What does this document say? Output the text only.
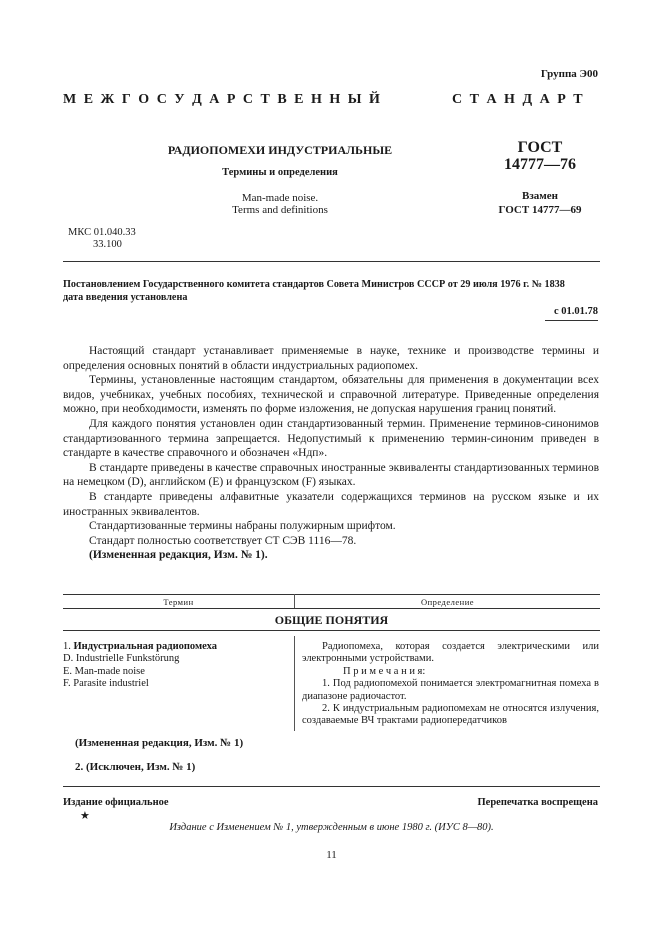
Группа Э00
М Е Ж Г О С У Д А Р С Т В Е Н Н Ы Й	С Т А Н Д А Р Т
РАДИОПОМЕХИ ИНДУСТРИАЛЬНЫЕ
Термины и определения
Man-made noise.
Terms and definitions
ГОСТ
14777—76
Взамен
ГОСТ 14777—69
МКС 01.040.33
33.100
Постановлением Государственного комитета стандартов Совета Министров СССР от 29 июля 1976 г. № 1838
дата введения установлена
с 01.01.78

Настоящий стандарт устанавливает применяемые в науке, технике и производстве термины и определения основных понятий в области индустриальных радиопомех.

Термины, установленные настоящим стандартом, обязательны для применения в документации всех видов, учебниках, учебных пособиях, технической и справочной литературе. Приведенные определения можно, при необходимости, изменять по форме изложения, не допуская нарушения границ понятий.

Для каждого понятия установлен один стандартизованный термин. Применение терминов-синонимов стандартизованного термина запрещается. Недопустимый к применению термин-синоним приведен в стандарте в качестве справочного и обозначен «Ндп».

В стандарте приведены в качестве справочных иностранные эквиваленты стандартизованных терминов на немецком (D), английском (E) и французском (F) языках.

В стандарте приведены алфавитные указатели содержащихся терминов на русском языке и их иностранных эквивалентов.

Стандартизованные термины набраны полужирным шрифтом.

Стандарт полностью соответствует СТ СЭВ 1116—78.

(Измененная редакция, Изм. № 1).

Термин	Определение
ОБЩИЕ ПОНЯТИЯ
1. Индустриальная радиопомеха
D. Industrielle Funkstörung
E. Man-made noise
F. Parasite industriel
Радиопомеха, которая создается электрическими или электронными устройствами.
П р и м е ч а н и я:
1. Под радиопомехой понимается электромагнитная помеха в диапазоне радиочастот.
2. К индустриальным радиопомехам не относятся излучения, создаваемые ВЧ трактами радиопередатчиков
(Измененная редакция, Изм. № 1)
2. (Исключен, Изм. № 1)
Издание официальное
★
Перепечатка воспрещена
Издание с Изменением № 1, утвержденным в июне 1980 г. (ИУС 8—80).
11
